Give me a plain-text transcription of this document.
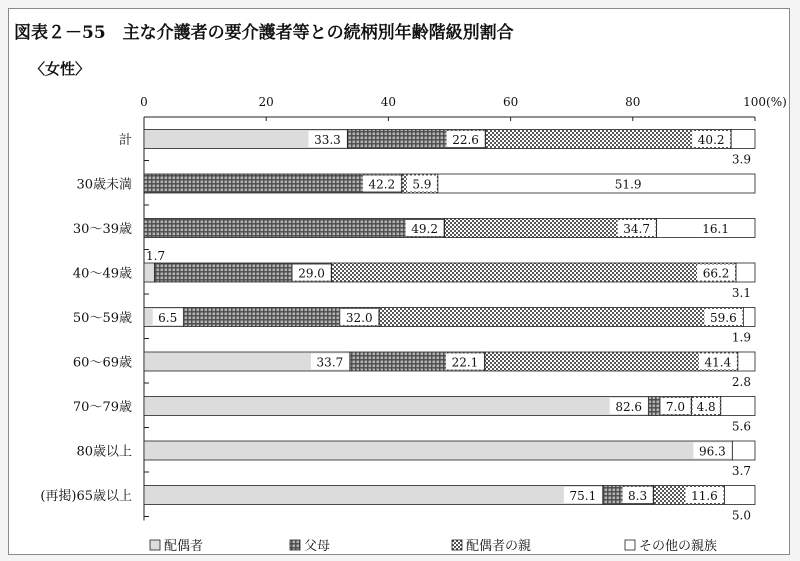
図表２－55　主な介護者の要介護者等との続柄別年齢階級別割合
〈女性〉
0	20	40	60	80	100(%)
計
30歳未満
30～39歳
40～49歳
50～59歳
60～69歳
70～79歳
80歳以上
(再掲)65歳以上
33.3	22.6	40.2
3.9
42.2 5.9	51.9
49.2	34.7	16.1
1.7
29.0	66.2
3.1
6.5	32.0	59.6
1.9
33.7	22.1	41.4
2.8
82.6 7.0 4.8
5.6
96.3
3.7
75.1	8.3	11.6
5.0
配偶者	父母	配偶者の親	その他の親族
